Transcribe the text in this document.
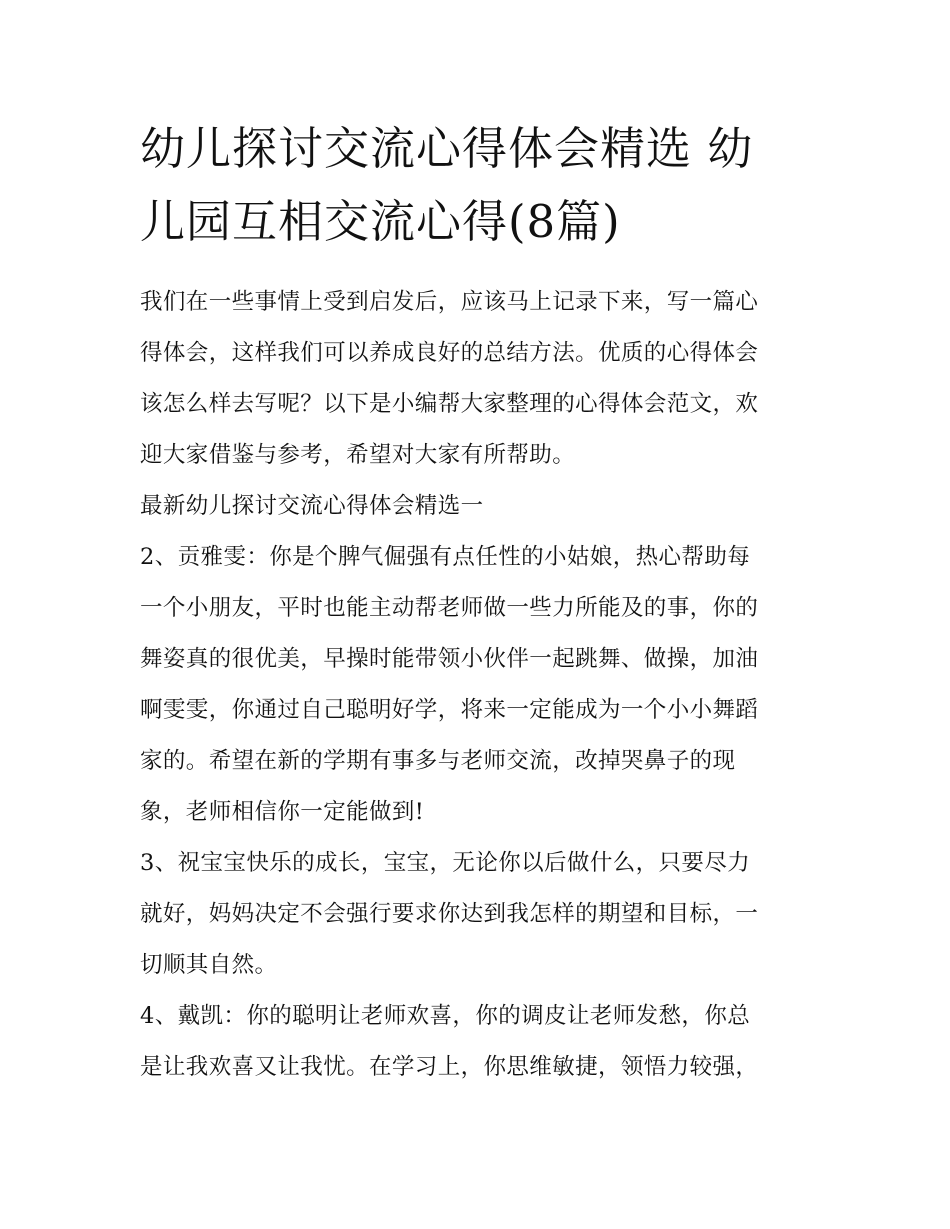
幼儿探讨交流心得体会精选 幼
儿园互相交流心得(8篇)
我们在一些事情上受到启发后，应该马上记录下来，写一篇心
得体会，这样我们可以养成良好的总结方法。优质的心得体会
该怎么样去写呢？以下是小编帮大家整理的心得体会范文，欢
迎大家借鉴与参考，希望对大家有所帮助。
最新幼儿探讨交流心得体会精选一
2、贡雅雯：你是个脾气倔强有点任性的小姑娘，热心帮助每
一个小朋友，平时也能主动帮老师做一些力所能及的事，你的
舞姿真的很优美，早操时能带领小伙伴一起跳舞、做操，加油
啊雯雯，你通过自己聪明好学，将来一定能成为一个小小舞蹈
家的。希望在新的学期有事多与老师交流，改掉哭鼻子的现
象，老师相信你一定能做到!
3、祝宝宝快乐的成长，宝宝，无论你以后做什么，只要尽力
就好，妈妈决定不会强行要求你达到我怎样的期望和目标，一
切顺其自然。
4、戴凯：你的聪明让老师欢喜，你的调皮让老师发愁，你总
是让我欢喜又让我忧。在学习上，你思维敏捷，领悟力较强，
